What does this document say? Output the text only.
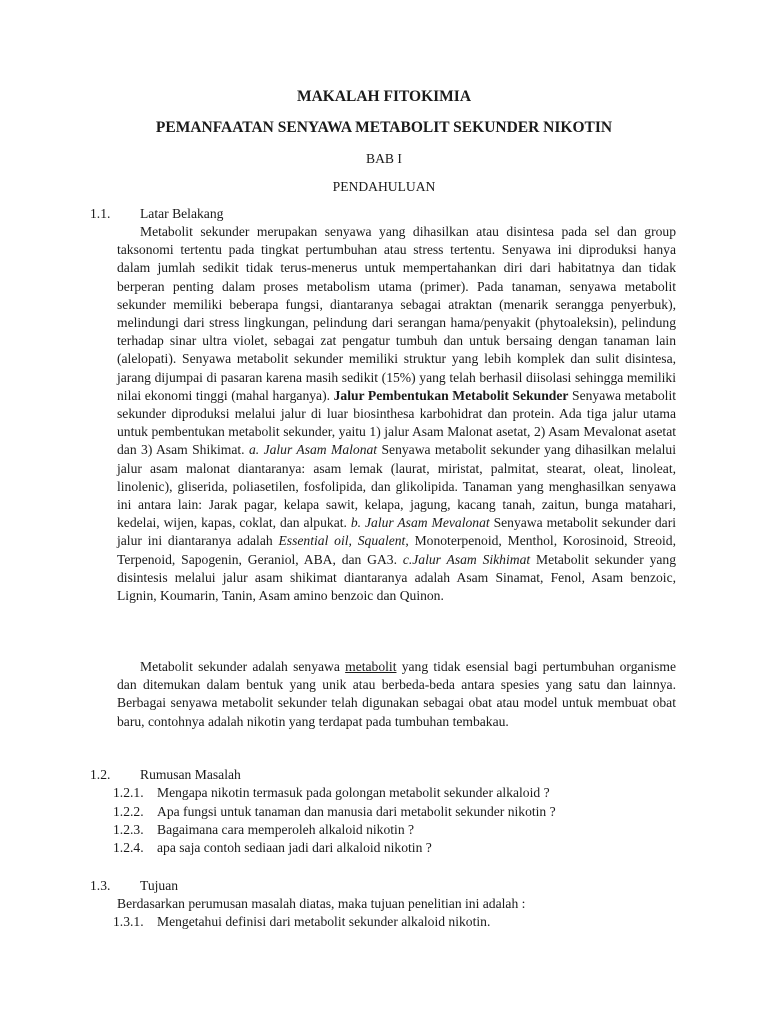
MAKALAH FITOKIMIA
PEMANFAATAN SENYAWA METABOLIT SEKUNDER NIKOTIN
BAB I
PENDAHULUAN
1.1. Latar Belakang

Metabolit sekunder merupakan senyawa yang dihasilkan atau disintesa pada sel dan group taksonomi tertentu pada tingkat pertumbuhan atau stress tertentu. Senyawa ini diproduksi hanya dalam jumlah sedikit tidak terus-menerus untuk mempertahankan diri dari habitatnya dan tidak berperan penting dalam proses metabolism utama (primer). Pada tanaman, senyawa metabolit sekunder memiliki beberapa fungsi, diantaranya sebagai atraktan (menarik serangga penyerbuk), melindungi dari stress lingkungan, pelindung dari serangan hama/penyakit (phytoaleksin), pelindung terhadap sinar ultra violet, sebagai zat pengatur tumbuh dan untuk bersaing dengan tanaman lain (alelopati). Senyawa metabolit sekunder memiliki struktur yang lebih komplek dan sulit disintesa, jarang dijumpai di pasaran karena masih sedikit (15%) yang telah berhasil diisolasi sehingga memiliki nilai ekonomi tinggi (mahal harganya). Jalur Pembentukan Metabolit Sekunder Senyawa metabolit sekunder diproduksi melalui jalur di luar biosinthesa karbohidrat dan protein. Ada tiga jalur utama untuk pembentukan metabolit sekunder, yaitu 1) jalur Asam Malonat asetat, 2) Asam Mevalonat asetat dan 3) Asam Shikimat. a. Jalur Asam Malonat Senyawa metabolit sekunder yang dihasilkan melalui jalur asam malonat diantaranya: asam lemak (laurat, miristat, palmitat, stearat, oleat, linoleat, linolenic), gliserida, poliasetilen, fosfolipida, dan glikolipida. Tanaman yang menghasilkan senyawa ini antara lain: Jarak pagar, kelapa sawit, kelapa, jagung, kacang tanah, zaitun, bunga matahari, kedelai, wijen, kapas, coklat, dan alpukat. b. Jalur Asam Mevalonat Senyawa metabolit sekunder dari jalur ini diantaranya adalah Essential oil, Squalent, Monoterpenoid, Menthol, Korosinoid, Streoid, Terpenoid, Sapogenin, Geraniol, ABA, dan GA3. c.Jalur Asam Sikhimat Metabolit sekunder yang disintesis melalui jalur asam shikimat diantaranya adalah Asam Sinamat, Fenol, Asam benzoic, Lignin, Koumarin, Tanin, Asam amino benzoic dan Quinon.

Metabolit sekunder adalah senyawa metabolit yang tidak esensial bagi pertumbuhan organisme dan ditemukan dalam bentuk yang unik atau berbeda-beda antara spesies yang satu dan lainnya. Berbagai senyawa metabolit sekunder telah digunakan sebagai obat atau model untuk membuat obat baru, contohnya adalah nikotin yang terdapat pada tumbuhan tembakau.

1.2. Rumusan Masalah
1.2.1. Mengapa nikotin termasuk pada golongan metabolit sekunder alkaloid ?
1.2.2. Apa fungsi untuk tanaman dan manusia dari metabolit sekunder nikotin ?
1.2.3. Bagaimana cara memperoleh alkaloid nikotin ?
1.2.4. apa saja contoh sediaan jadi dari alkaloid nikotin ?
1.3. Tujuan
Berdasarkan perumusan masalah diatas, maka tujuan penelitian ini adalah :
1.3.1. Mengetahui definisi dari metabolit sekunder alkaloid nikotin.
